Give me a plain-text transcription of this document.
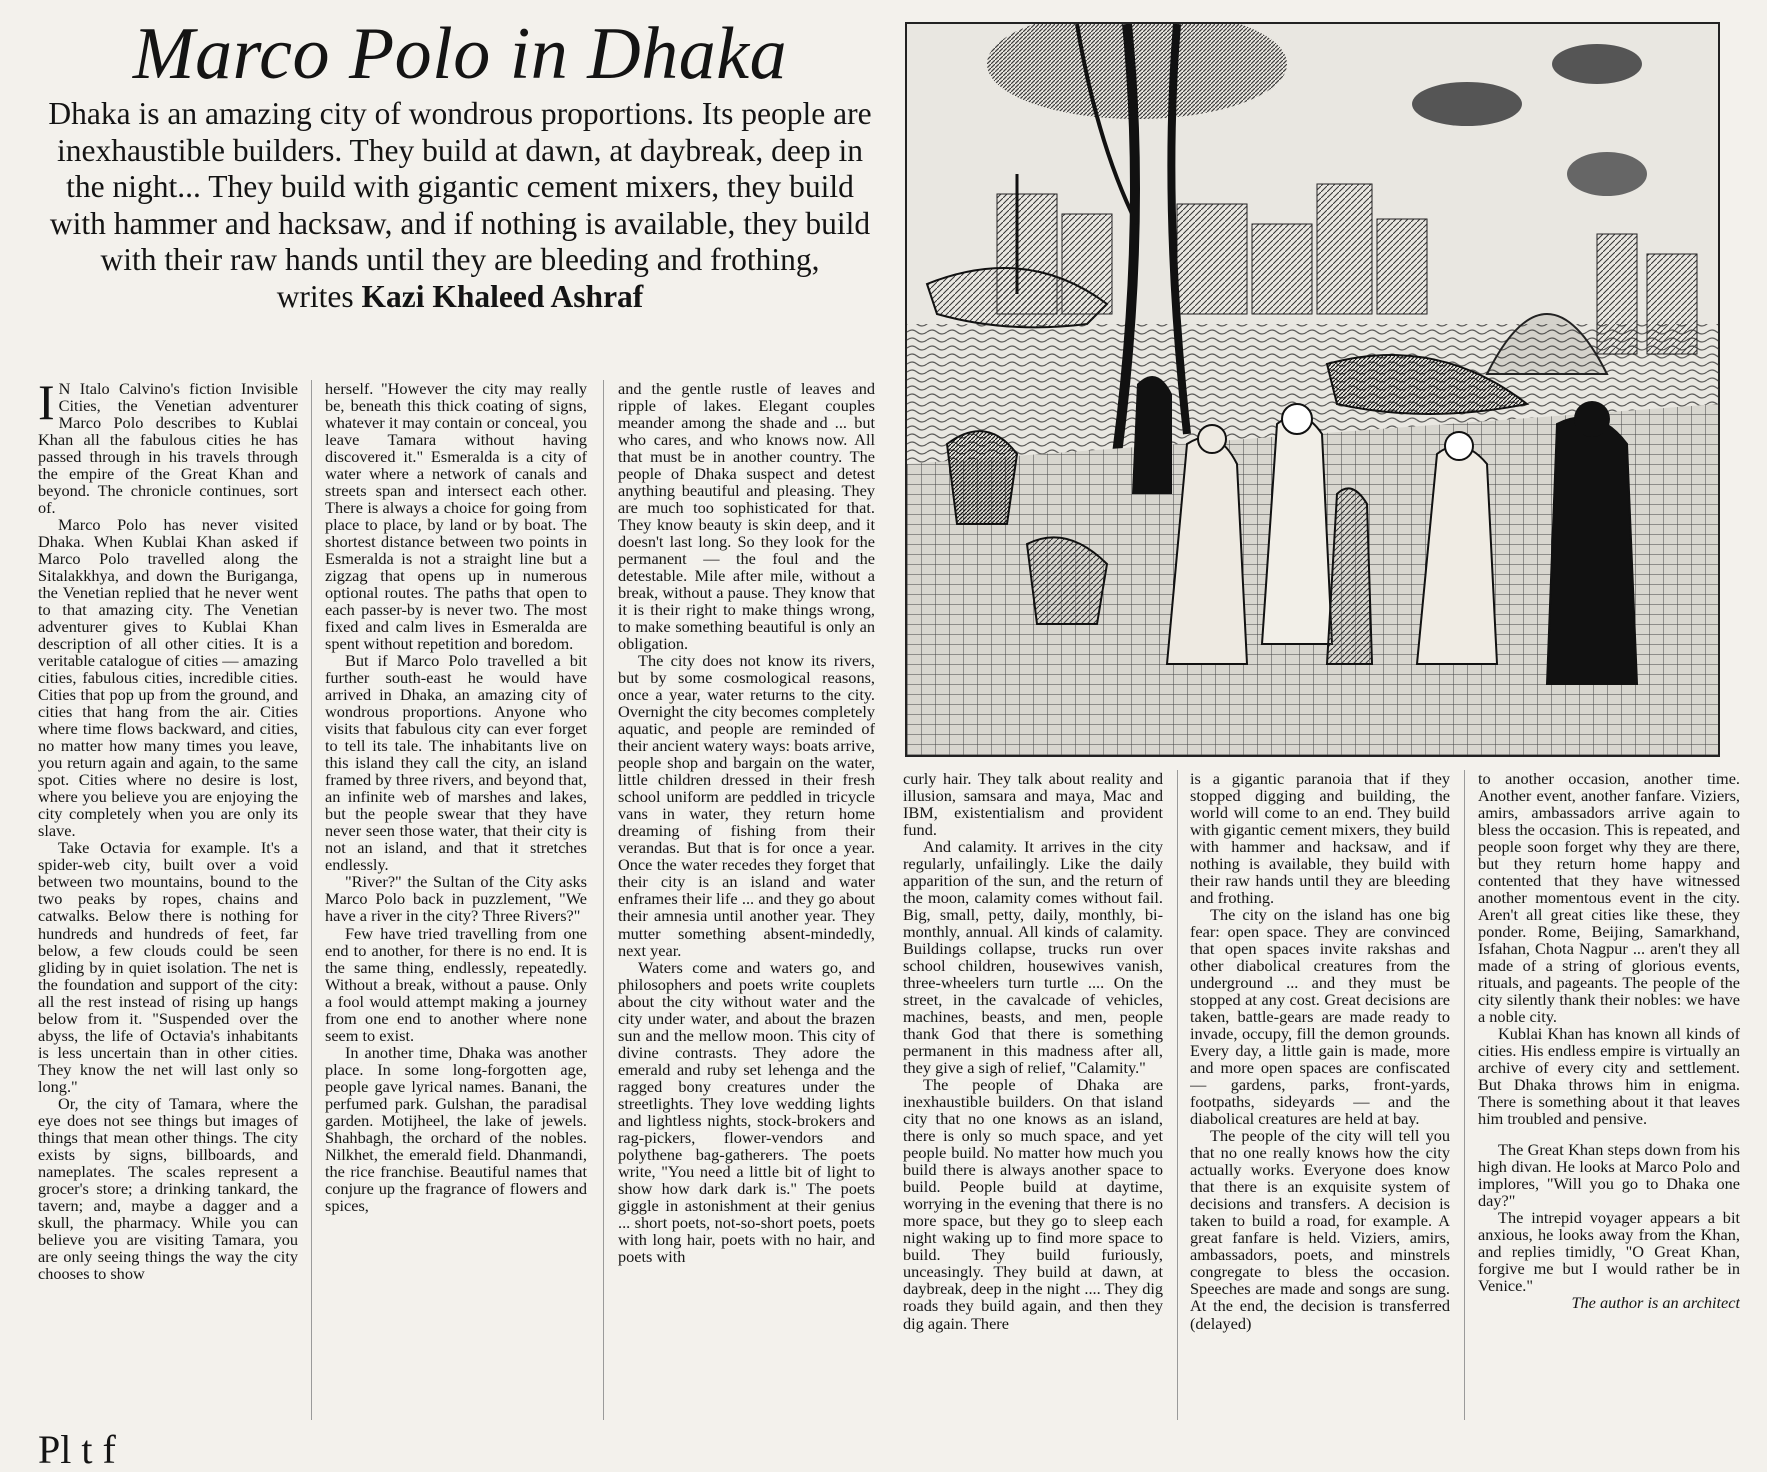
Marco Polo in Dhaka

Dhaka is an amazing city of wondrous proportions. Its people are inexhaustible builders. They build at dawn, at daybreak, deep in the night... They build with gigantic cement mixers, they build with hammer and hacksaw, and if nothing is available, they build with their raw hands until they are bleeding and frothing,
writes Kazi Khaleed Ashraf

I N Italo Calvino's fiction Invisible Cities, the Venetian adventurer Marco Polo describes to Kublai Khan all the fabulous cities he has passed through in his travels through the empire of the Great Khan and beyond. The chronicle continues, sort of.

Marco Polo has never visited Dhaka. When Kublai Khan asked if Marco Polo travelled along the Sitalakkhya, and down the Buriganga, the Venetian replied that he never went to that amazing city. The Venetian adventurer gives to Kublai Khan description of all other cities. It is a veritable catalogue of cities — amazing cities, fabulous cities, incredible cities. Cities that pop up from the ground, and cities that hang from the air. Cities where time flows backward, and cities, no matter how many times you leave, you return again and again, to the same spot. Cities where no desire is lost, where you believe you are enjoying the city completely when you are only its slave.

Take Octavia for example. It's a spider-web city, built over a void between two mountains, bound to the two peaks by ropes, chains and catwalks. Below there is nothing for hundreds and hundreds of feet, far below, a few clouds could be seen gliding by in quiet isolation. The net is the foundation and support of the city: all the rest instead of rising up hangs below from it. "Suspended over the abyss, the life of Octavia's inhabitants is less uncertain than in other cities. They know the net will last only so long."

Or, the city of Tamara, where the eye does not see things but images of things that mean other things. The city exists by signs, billboards, and nameplates. The scales represent a grocer's store; a drinking tankard, the tavern; and, maybe a dagger and a skull, the pharmacy. While you can believe you are visiting Tamara, you are only seeing things the way the city chooses to show

herself. "However the city may really be, beneath this thick coating of signs, whatever it may contain or conceal, you leave Tamara without having discovered it." Esmeralda is a city of water where a network of canals and streets span and intersect each other. There is always a choice for going from place to place, by land or by boat. The shortest distance between two points in Esmeralda is not a straight line but a zigzag that opens up in numerous optional routes. The paths that open to each passer-by is never two. The most fixed and calm lives in Esmeralda are spent without repetition and boredom.

But if Marco Polo travelled a bit further south-east he would have arrived in Dhaka, an amazing city of wondrous proportions. Anyone who visits that fabulous city can ever forget to tell its tale. The inhabitants live on this island they call the city, an island framed by three rivers, and beyond that, an infinite web of marshes and lakes, but the people swear that they have never seen those water, that their city is not an island, and that it stretches endlessly.

"River?" the Sultan of the City asks Marco Polo back in puzzlement, "We have a river in the city? Three Rivers?"

Few have tried travelling from one end to another, for there is no end. It is the same thing, endlessly, repeatedly. Without a break, without a pause. Only a fool would attempt making a journey from one end to another where none seem to exist.

In another time, Dhaka was another place. In some long-forgotten age, people gave lyrical names. Banani, the perfumed park. Gulshan, the paradisal garden. Motijheel, the lake of jewels. Shahbagh, the orchard of the nobles. Nilkhet, the emerald field. Dhanmandi, the rice franchise. Beautiful names that conjure up the fragrance of flowers and spices,

and the gentle rustle of leaves and ripple of lakes. Elegant couples meander among the shade and ... but who cares, and who knows now. All that must be in another country. The people of Dhaka suspect and detest anything beautiful and pleasing. They are much too sophisticated for that. They know beauty is skin deep, and it doesn't last long. So they look for the permanent — the foul and the detestable. Mile after mile, without a break, without a pause. They know that it is their right to make things wrong, to make something beautiful is only an obligation.

The city does not know its rivers, but by some cosmological reasons, once a year, water returns to the city. Overnight the city becomes completely aquatic, and people are reminded of their ancient watery ways: boats arrive, people shop and bargain on the water, little children dressed in their fresh school uniform are peddled in tricycle vans in water, they return home dreaming of fishing from their verandas. But that is for once a year. Once the water recedes they forget that their city is an island and water enframes their life ... and they go about their amnesia until another year. They mutter something absent-mindedly, next year.

Waters come and waters go, and philosophers and poets write couplets about the city without water and the city under water, and about the brazen sun and the mellow moon. This city of divine contrasts. They adore the emerald and ruby set lehenga and the ragged bony creatures under the streetlights. They love wedding lights and lightless nights, stock-brokers and rag-pickers, flower-vendors and polythene bag-gatherers. The poets write, "You need a little bit of light to show how dark dark is." The poets giggle in astonishment at their genius ... short poets, not-so-short poets, poets with long hair, poets with no hair, and poets with

curly hair. They talk about reality and illusion, samsara and maya, Mac and IBM, existentialism and provident fund.

And calamity. It arrives in the city regularly, unfailingly. Like the daily apparition of the sun, and the return of the moon, calamity comes without fail. Big, small, petty, daily, monthly, bi-monthly, annual. All kinds of calamity. Buildings collapse, trucks run over school children, housewives vanish, three-wheelers turn turtle .... On the street, in the cavalcade of vehicles, machines, beasts, and men, people thank God that there is something permanent in this madness after all, they give a sigh of relief, "Calamity."

The people of Dhaka are inexhaustible builders. On that island city that no one knows as an island, there is only so much space, and yet people build. No matter how much you build there is always another space to build. People build at daytime, worrying in the evening that there is no more space, but they go to sleep each night waking up to find more space to build. They build furiously, unceasingly. They build at dawn, at daybreak, deep in the night .... They dig roads they build again, and then they dig again. There

is a gigantic paranoia that if they stopped digging and building, the world will come to an end. They build with gigantic cement mixers, they build with hammer and hacksaw, and if nothing is available, they build with their raw hands until they are bleeding and frothing.

The city on the island has one big fear: open space. They are convinced that open spaces invite rakshas and other diabolical creatures from the underground ... and they must be stopped at any cost. Great decisions are taken, battle-gears are made ready to invade, occupy, fill the demon grounds. Every day, a little gain is made, more and more open spaces are confiscated — gardens, parks, front-yards, footpaths, sideyards — and the diabolical creatures are held at bay.

The people of the city will tell you that no one really knows how the city actually works. Everyone does know that there is an exquisite system of decisions and transfers. A decision is taken to build a road, for example. A great fanfare is held. Viziers, amirs, ambassadors, poets, and minstrels congregate to bless the occasion. Speeches are made and songs are sung. At the end, the decision is transferred (delayed)

to another occasion, another time. Another event, another fanfare. Viziers, amirs, ambassadors arrive again to bless the occasion. This is repeated, and people soon forget why they are there, but they return home happy and contented that they have witnessed another momentous event in the city. Aren't all great cities like these, they ponder. Rome, Beijing, Samarkhand, Isfahan, Chota Nagpur ... aren't they all made of a string of glorious events, rituals, and pageants. The people of the city silently thank their nobles: we have a noble city.

Kublai Khan has known all kinds of cities. His endless empire is virtually an archive of every city and settlement. But Dhaka throws him in enigma. There is something about it that leaves him troubled and pensive.

The Great Khan steps down from his high divan. He looks at Marco Polo and implores, "Will you go to Dhaka one day?"

The intrepid voyager appears a bit anxious, he looks away from the Khan, and replies timidly, "O Great Khan, forgive me but I would rather be in Venice."

The author is an architect

Pl t f
